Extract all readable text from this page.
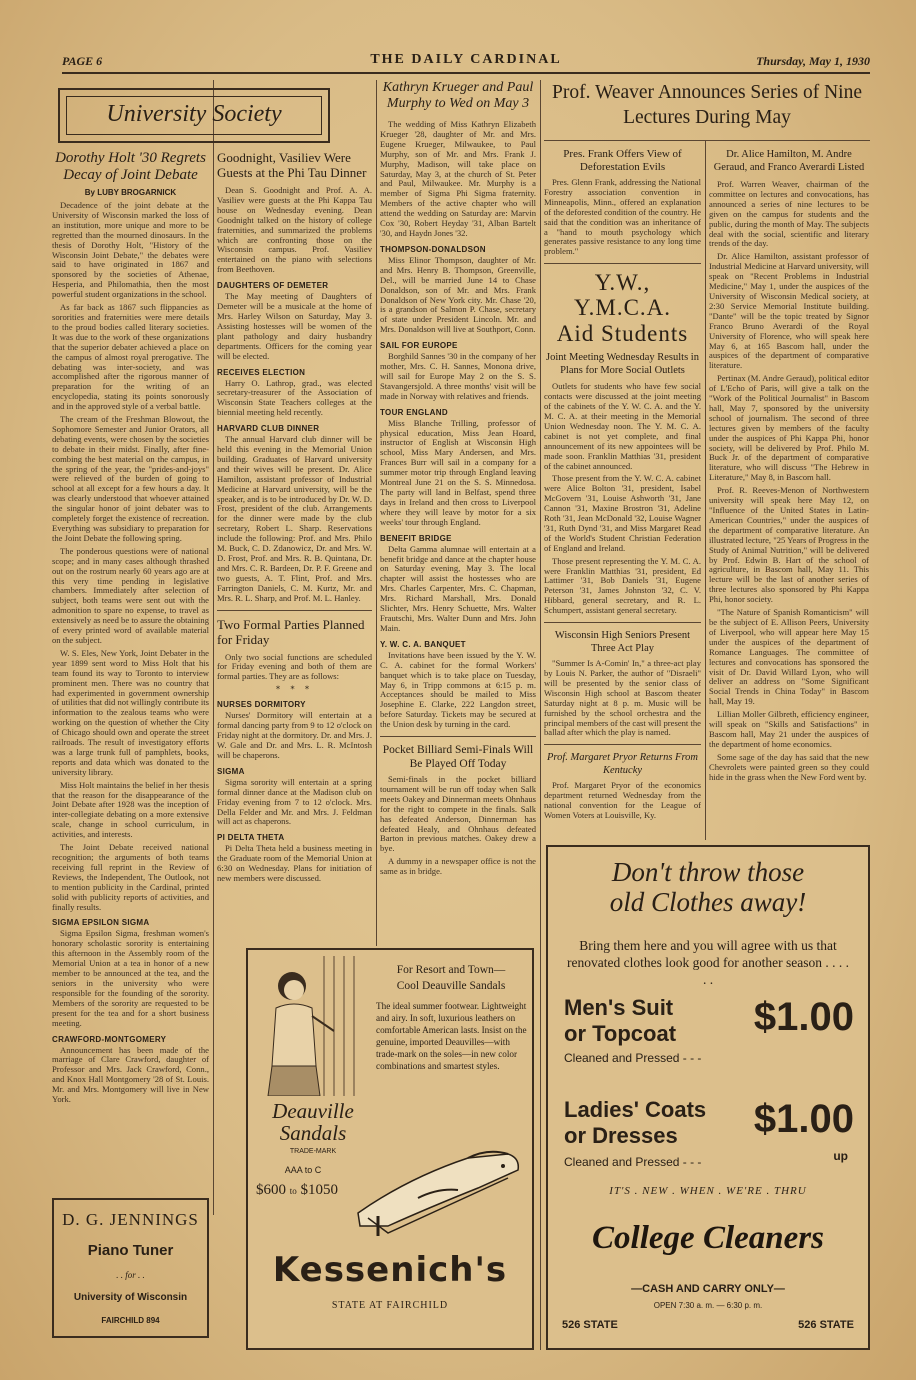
PAGE 6	THE DAILY CARDINAL	Thursday, May 1, 1930
University Society
Dorothy Holt '30 Regrets Decay of Joint Debate
By LUBY BROGARNICK

Decadence of the joint debate at the University of Wisconsin marked the loss of an institution, more unique and more to be regretted than the mourned dinosaurs. In the thesis of Dorothy Holt, "History of the Wisconsin Joint Debate," the debates were said to have originated in 1867 and sponsored by the societies of Athenae, Hesperia, and Philomathia, then the most powerful student organizations in the school.

As far back as 1867 such flippancies as sororities and fraternities were mere details to the proud bodies called literary societies. It was due to the work of these organizations that the superior debater achieved a place on the campus of almost royal prerogative. The debating was inter-society, and was accomplished after the rigorous manner of preparation for the writing of an encyclopedia, stating its points sonorously and in the approved style of a verbal battle.

The cream of the Freshman Blowout, the Sophomore Semester and Junior Orators, all debating events, were chosen by the societies to debate in their midst. Finally, after fine-combing the best material on the campus, in the spring of the year, the "prides-and-joys" were relieved of the burden of going to school at all except for a few hours a day. It was clearly understood that whoever attained the singular honor of joint debater was to completely forget the existence of recreation. Everything was subsidiary to preparation for the Joint Debate the following spring.

The ponderous questions were of national scope; and in many cases although thrashed out on the rostrum nearly 60 years ago are at this very time pending in legislative chambers. Immediately after selection of subject, both teams were sent out with the admonition to spare no expense, to travel as extensively as need be to assure the obtaining of every printed word of available material on the subject.

W. S. Eles, New York, Joint Debater in the year 1899 sent word to Miss Holt that his team found its way to Toronto to interview prominent men. There was no country that had experimented in government ownership of utilities that did not willingly contribute its information to the zealous teams who were working on the question of whether the City of Chicago should own and operate the street railroads. The result of investigatory efforts was a large trunk full of pamphlets, books, reports and data which was donated to the university library.

Miss Holt maintains the belief in her thesis that the reason for the disappearance of the Joint Debate after 1928 was the inception of inter-collegiate debating on a more extensive scale, change in school curriculum, in activities, and interests.

The Joint Debate received national recognition; the arguments of both teams receiving full reprint in the Review of Reviews, the Independent, The Outlook, not to mention publicity in the Cardinal, printed solid with publicity reports of activities, and finally results.

SIGMA EPSILON SIGMA

Sigma Epsilon Sigma, freshman women's honorary scholastic sorority is entertaining this afternoon in the Assembly room of the Memorial Union at a tea in honor of a new member to be announced at the tea, and the seniors in the university who were responsible for the founding of the sorority. Members of the sorority are requested to be present for the tea and for a short business meeting.

CRAWFORD-MONTGOMERY

Announcement has been made of the marriage of Clare Crawford, daughter of Professor and Mrs. Jack Crawford, Conn., and Knox Hall Montgomery '28 of St. Louis. Mr. and Mrs. Montgomery will live in New York.

D. G. JENNINGS
Piano Tuner
. . for . .
University of Wisconsin
FAIRCHILD 894
Goodnight, Vasiliev Were Guests at the Phi Tau Dinner

Dean S. Goodnight and Prof. A. A. Vasiliev were guests at the Phi Kappa Tau house on Wednesday evening. Dean Goodnight talked on the history of college fraternities, and summarized the problems which are confronting those on the Wisconsin campus. Prof. Vasiliev entertained on the piano with selections from Beethoven.

DAUGHTERS OF DEMETER

The May meeting of Daughters of Demeter will be a musicale at the home of Mrs. Harley Wilson on Saturday, May 3. Assisting hostesses will be women of the plant pathology and dairy husbandry departments. Officers for the coming year will be elected.

RECEIVES ELECTION

Harry O. Lathrop, grad., was elected secretary-treasurer of the Association of Wisconsin State Teachers colleges at the biennial meeting held recently.

HARVARD CLUB DINNER

The annual Harvard club dinner will be held this evening in the Memorial Union building. Graduates of Harvard university and their wives will be present. Dr. Alice Hamilton, assistant professor of Industrial Medicine at Harvard university, will be the speaker, and is to be introduced by Dr. W. D. Frost, president of the club. Arrangements for the dinner were made by the club secretary, Robert L. Sharp. Reservations include the following: Prof. and Mrs. Philo M. Buck, C. D. Zdanowicz, Dr. and Mrs. W. D. Frost, Prof. and Mrs. R. B. Quintana, Dr. and Mrs. C. R. Bardeen, Dr. P. F. Greene and two guests, A. T. Flint, Prof. and Mrs. Farrington Daniels, C. M. Kurtz, Mr. and Mrs. R. L. Sharp, and Prof. M. L. Hanley.

Two Formal Parties Planned for Friday

Only two social functions are scheduled for Friday evening and both of them are formal parties. They are as follows:

* * *
NURSES DORMITORY

Nurses' Dormitory will entertain at a formal dancing party from 9 to 12 o'clock on Friday night at the dormitory. Dr. and Mrs. J. W. Gale and Dr. and Mrs. L. R. McIntosh will be chaperons.

SIGMA

Sigma sorority will entertain at a spring formal dinner dance at the Madison club on Friday evening from 7 to 12 o'clock. Mrs. Della Felder and Mr. and Mrs. J. Feldman will act as chaperons.

PI DELTA THETA

Pi Delta Theta held a business meeting in the Graduate room of the Memorial Union at 6:30 on Wednesday. Plans for initiation of new members were discussed.

Kathryn Krueger and Paul Murphy to Wed on May 3

The wedding of Miss Kathryn Elizabeth Krueger '28, daughter of Mr. and Mrs. Eugene Krueger, Milwaukee, to Paul Murphy, son of Mr. and Mrs. Frank J. Murphy, Madison, will take place on Saturday, May 3, at the church of St. Peter and Paul, Milwaukee. Mr. Murphy is a member of Sigma Phi Sigma fraternity. Members of the active chapter who will attend the wedding on Saturday are: Marvin Cox '30, Robert Heyday '31, Alban Bartelt '30, and Haydn Jones '32.

THOMPSON-DONALDSON

Miss Elinor Thompson, daughter of Mr. and Mrs. Henry B. Thompson, Greenville, Del., will be married June 14 to Chase Donaldson, son of Mr. and Mrs. Frank Donaldson of New York city. Mr. Chase '20, is a grandson of Salmon P. Chase, secretary of state under President Lincoln. Mr. and Mrs. Donaldson will live at Southport, Conn.

SAIL FOR EUROPE

Borghild Sannes '30 in the company of her mother, Mrs. C. H. Sannes, Monona drive, will sail for Europe May 2 on the S. S. Stavangersjold. A three months' visit will be made in Norway with relatives and friends.

TOUR ENGLAND

Miss Blanche Trilling, professor of physical education, Miss Jean Hoard, instructor of English at Wisconsin High school, Miss Mary Andersen, and Mrs. Frances Burr will sail in a company for a summer motor trip through England leaving Montreal June 21 on the S. S. Minnedosa. The party will land in Belfast, spend three days in Ireland and then cross to Liverpool where they will leave by motor for a six weeks' tour through England.

BENEFIT BRIDGE

Delta Gamma alumnae will entertain at a benefit bridge and dance at the chapter house on Saturday evening, May 3. The local chapter will assist the hostesses who are Mrs. Charles Carpenter, Mrs. C. Chapman, Mrs. Richard Marshall, Mrs. Donald Slichter, Mrs. Henry Schuette, Mrs. Walter Frautschi, Mrs. Walter Dunn and Mrs. John Main.

Y. W. C. A. BANQUET

Invitations have been issued by the Y. W. C. A. cabinet for the formal Workers' banquet which is to take place on Tuesday, May 6, in Tripp commons at 6:15 p. m. Acceptances should be mailed to Miss Josephine E. Clarke, 222 Langdon street, before Saturday. Tickets may be secured at the Union desk by turning in the card.

Pocket Billiard Semi-Finals Will Be Played Off Today

Semi-finals in the pocket billiard tournament will be run off today when Salk meets Oakey and Dinnerman meets Ohnhaus for the right to compete in the finals. Salk has defeated Anderson, Dinnerman has defeated Healy, and Ohnhaus defeated Barton in previous matches. Oakey drew a bye.

A dummy in a newspaper office is not the same as in bridge.

Prof. Weaver Announces Series of Nine Lectures During May
Pres. Frank Offers View of Deforestation Evils

Pres. Glenn Frank, addressing the National Forestry association convention in Minneapolis, Minn., offered an explanation of the deforested condition of the country. He said that the condition was an inheritance of a "hand to mouth psychology which generates passive resistance to any long time problem."

Y.W., Y.M.C.A.
Aid Students
Joint Meeting Wednesday Results in Plans for More Social Outlets

Outlets for students who have few social contacts were discussed at the joint meeting of the cabinets of the Y. W. C. A. and the Y. M. C. A. at their meeting in the Memorial Union Wednesday noon. The Y. M. C. A. cabinet is not yet complete, and final announcement of its new appointees will be made soon. Franklin Matthias '31, president of the cabinet announced.

Those present from the Y. W. C. A. cabinet were Alice Bolton '31, president, Isabel McGovern '31, Louise Ashworth '31, Jane Cannon '31, Maxine Brostron '31, Adeline Roth '31, Jean McDonald '32, Louise Wagner '31, Ruth Dynd '31, and Miss Margaret Read of the World's Student Christian Federation of England and Ireland.

Those present representing the Y. M. C. A. were Franklin Matthias '31, president, Ed Lattimer '31, Bob Daniels '31, Eugene Peterson '31, James Johnston '32, C. V. Hibbard, general secretary, and R. L. Schumpert, assistant general secretary.

Wisconsin High Seniors Present Three Act Play

"Summer Is A-Comin' In," a three-act play by Louis N. Parker, the author of "Disraeli" will be presented by the senior class of Wisconsin High school at Bascom theater Saturday night at 8 p. m. Music will be furnished by the school orchestra and the principal members of the cast will present the ballad after which the play is named.

Prof. Margaret Pryor Returns From Kentucky

Prof. Margaret Pryor of the economics department returned Wednesday from the national convention for the League of Women Voters at Louisville, Ky.

Dr. Alice Hamilton, M. Andre Geraud, and Franco Averardi Listed

Prof. Warren Weaver, chairman of the committee on lectures and convocations, has announced a series of nine lectures to be given on the campus for students and the public, during the month of May. The subjects deal with the social, scientific and literary trends of the day.

Dr. Alice Hamilton, assistant professor of Industrial Medicine at Harvard university, will speak on "Recent Problems in Industrial Medicine," May 1, under the auspices of the University of Wisconsin Medical society, at 2:30 Service Memorial Institute building. "Dante" will be the topic treated by Signor Franco Bruno Averardi of the Royal University of Florence, who will speak here May 6, at 165 Bascom hall, under the auspices of the department of comparative literature.

Pertinax (M. Andre Geraud), political editor of L'Echo of Paris, will give a talk on the "Work of the Political Journalist" in Bascom hall, May 7, sponsored by the university school of journalism. The second of three lectures given by members of the faculty under the auspices of Phi Kappa Phi, honor society, will be delivered by Prof. Philo M. Buck Jr. of the department of comparative literature, who will discuss "The Hebrew in Literature," May 8, in Bascom hall.

Prof. R. Reeves-Menon of Northwestern university will speak here May 12, on "Influence of the United States in Latin-American Countries," under the auspices of the department of comparative literature. An illustrated lecture, "25 Years of Progress in the Study of Animal Nutrition," will be delivered by Prof. Edwin B. Hart of the school of agriculture, in Bascom hall, May 11. This lecture will be the last of another series of three lectures also sponsored by Phi Kappa Phi, honor society.

"The Nature of Spanish Romanticism" will be the subject of E. Allison Peers, University of Liverpool, who will appear here May 15 under the auspices of the department of Romance Languages. The committee of lectures and convocations has sponsored the visit of Dr. David Willard Lyon, who will deliver an address on "Some Significant Social Trends in China Today" in Bascom hall, May 19.

Lillian Moller Gilbreth, efficiency engineer, will speak on "Skills and Satisfactions" in Bascom hall, May 21 under the auspices of the department of home economics.

Some sage of the day has said that the new Chevrolets were painted green so they could hide in the grass when the New Ford went by.

For Resort and Town—
Cool Deauville Sandals
The ideal summer footwear. Lightweight and airy. In soft, luxurious leathers on comfortable American lasts. Insist on the genuine, imported Deauvilles—with trade-mark on the soles—in new color combinations and smartest styles.
Deauville
Sandals
TRADE-MARK
AAA to C
$600 to $1050
Kessenich's
STATE AT FAIRCHILD
Don't throw those
old Clothes away!
Bring them here and you will agree with us that renovated clothes look good for another season . . . . . .
Men's Suit
or Topcoat
Cleaned and Pressed - - -
$1.00
Ladies' Coats
or Dresses
Cleaned and Pressed - - -
$1.00
up
IT'S . NEW . WHEN . WE'RE . THRU
College Cleaners
—CASH AND CARRY ONLY—
OPEN 7:30 a. m. — 6:30 p. m.
526 STATE	526 STATE
